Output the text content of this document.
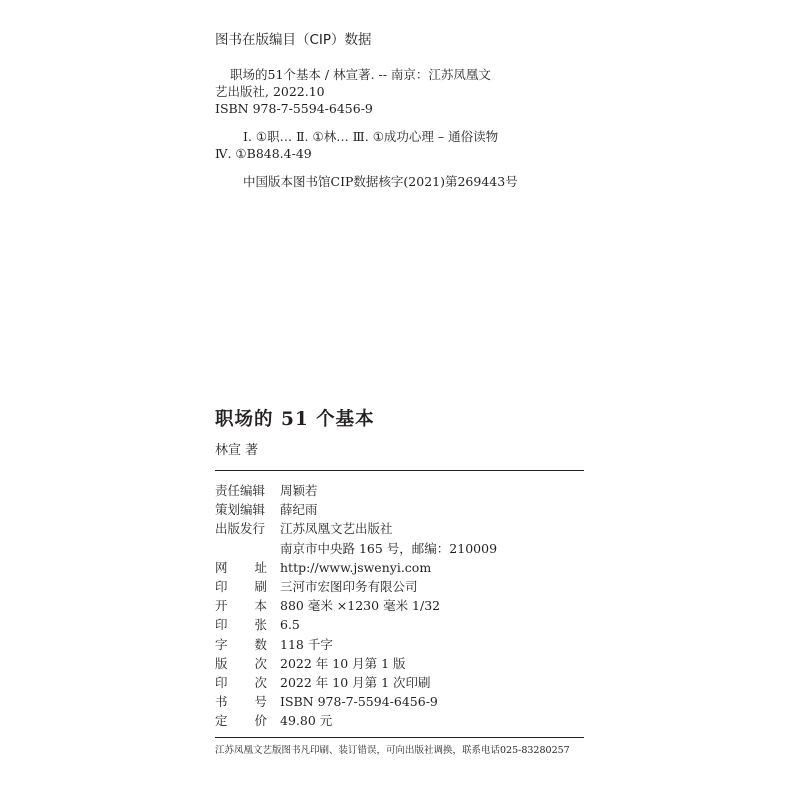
图书在版编目（CIP）数据
职场的51个基本 / 林宣著. -- 南京：江苏凤凰文
艺出版社, 2022.10
ISBN 978-7-5594-6456-9
Ⅰ. ①职… Ⅱ. ①林… Ⅲ. ①成功心理 – 通俗读物
Ⅳ. ①B848.4-49
中国版本图书馆CIP数据核字(2021)第269443号
职场的 51 个基本
林宣 著
责任编辑 周颖若
策划编辑 薛纪雨
出版发行 江苏凤凰文艺出版社
南京市中央路 165 号，邮编：210009
网 址 http://www.jswenyi.com
印 刷 三河市宏图印务有限公司
开 本 880 毫米 ×1230 毫米 1/32
印 张 6.5
字 数 118 千字
版 次 2022 年 10 月第 1 版
印 次 2022 年 10 月第 1 次印刷
书 号 ISBN 978-7-5594-6456-9
定 价 49.80 元
江苏凤凰文艺版图书凡印刷、装订错误，可向出版社调换，联系电话025-83280257
